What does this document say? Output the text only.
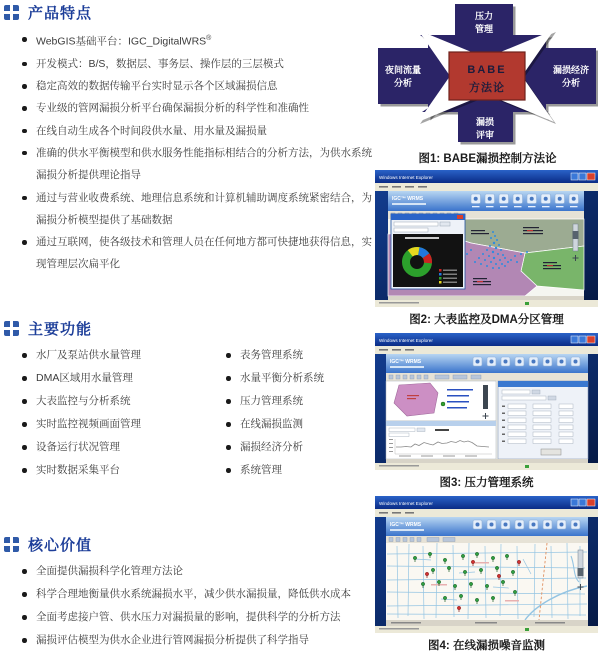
产品特点
WebGIS基础平台：IGC_DigitalWRS®
开发模式：B/S，数据层、事务层、操作层的三层模式
稳定高效的数据传输平台实时显示各个区域漏损信息
专业级的管网漏损分析平台确保漏损分析的科学性和准确性
在线自动生成各个时间段供水量、用水量及漏损量
准确的供水平衡模型和供水服务性能指标相结合的分析方法，为供水系统漏损分析提供理论指导
通过与营业收费系统、地理信息系统和计算机辅助调度系统紧密结合，为漏损分析模型提供了基础数据
通过互联网，使各级技术和管理人员在任何地方都可快捷地获得信息，实现管理层次扁平化
主要功能
水厂及泵站供水量管理
DMA区域用水量管理
大表监控与分析系统
实时监控视频画面管理
设备运行状况管理
实时数据采集平台
表务管理系统
水量平衡分析系统
压力管理系统
在线漏损监测
漏损经济分析
系统管理
核心价值
全面提供漏损科学化管理方法论
科学合理地衡量供水系统漏损水平，减少供水漏损量，降低供水成本
全面考虑接户管、供水压力对漏损量的影响，提供科学的分析方法
漏损评估模型为供水企业进行管网漏损分析提供了科学指导
BABE
方法论
压力
管理
漏损
评审
夜间流量
分析
漏损经济
分析
图1: BABE漏损控制方法论
Windows Internet Explorer
IGC™ WRMS
图2: 大表监控及DMA分区管理
Windows Internet Explorer
IGC™ WRMS
图3: 压力管理系统
Windows Internet Explorer
IGC™ WRMS
图4: 在线漏损噪音监测
